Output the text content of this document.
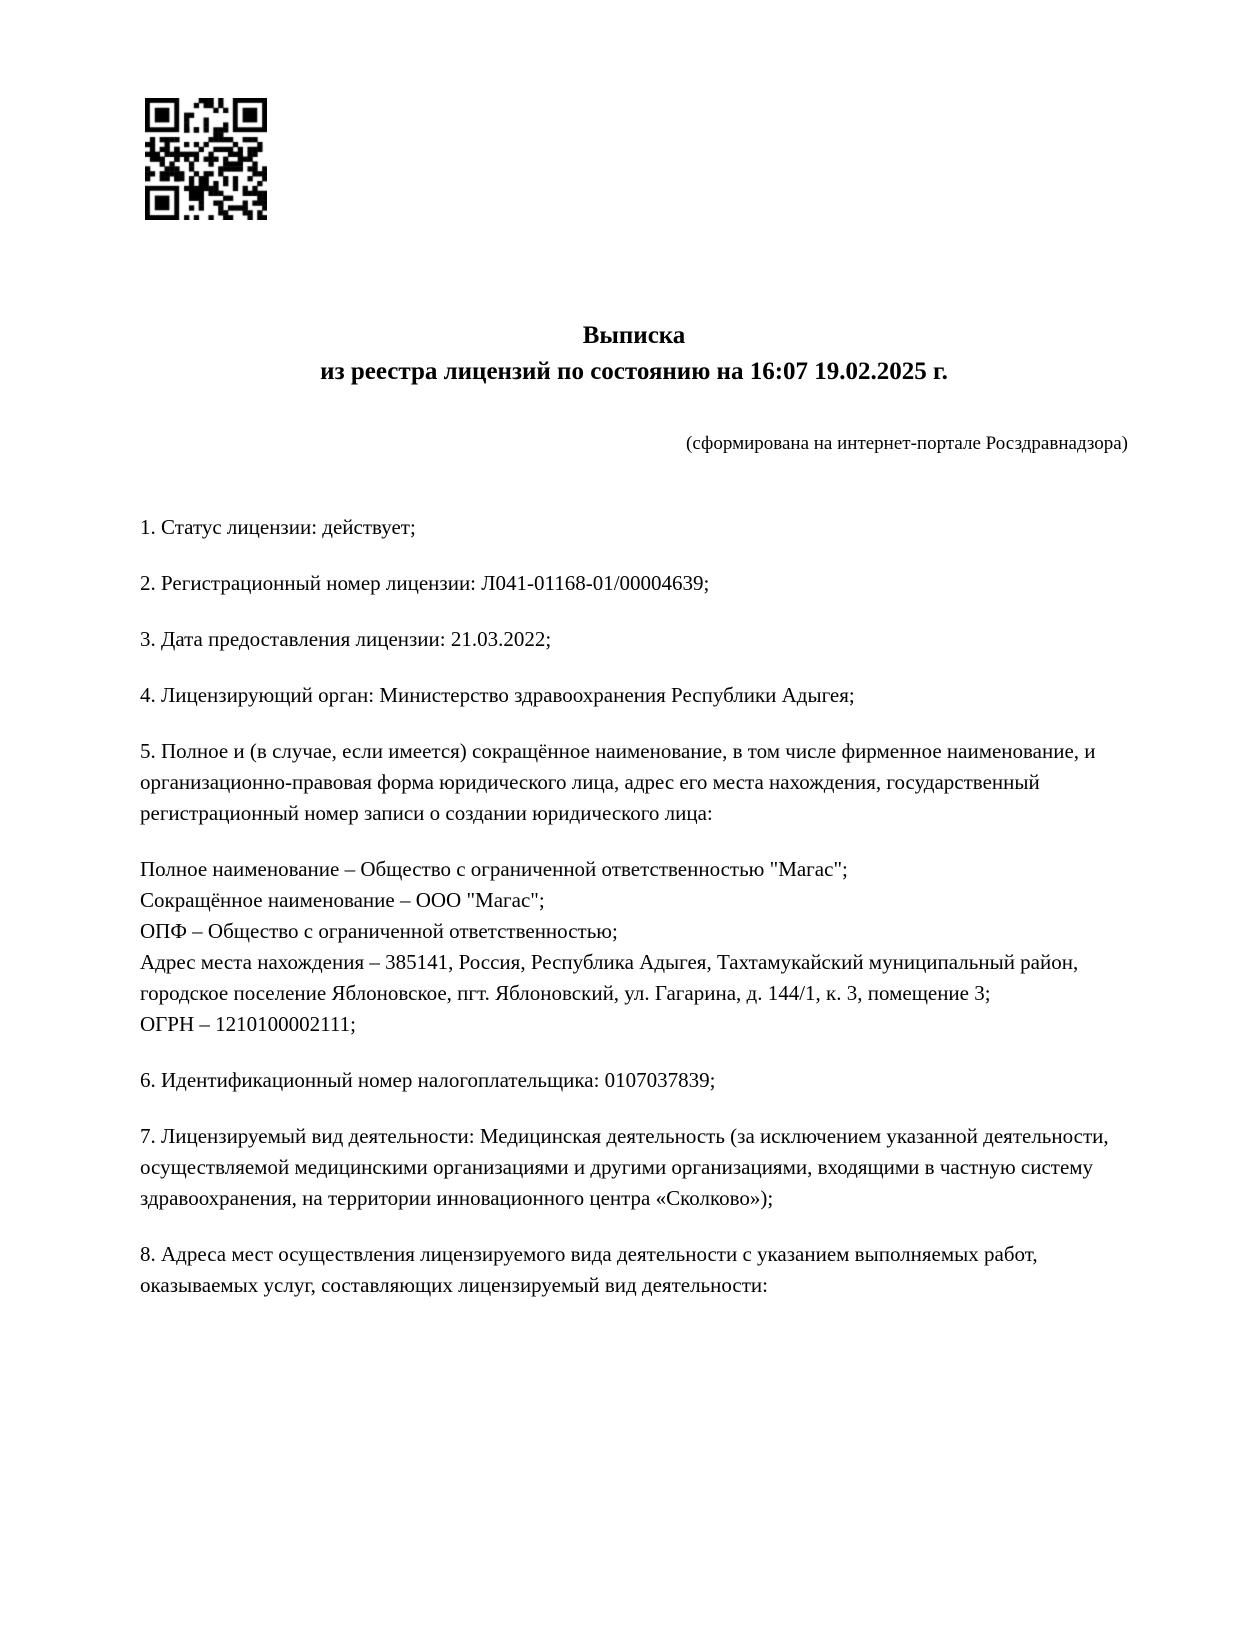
Выписка
из реестра лицензий по состоянию на 16:07 19.02.2025 г.
(сформирована на интернет-портале Росздравнадзора)

1. Статус лицензии: действует;

2. Регистрационный номер лицензии: Л041-01168-01/00004639;

3. Дата предоставления лицензии: 21.03.2022;

4. Лицензирующий орган: Министерство здравоохранения Республики Адыгея;

5. Полное и (в случае, если имеется) сокращённое наименование, в том числе фирменное наименование, и организационно-правовая форма юридического лица, адрес его места нахождения, государственный регистрационный номер записи о создании юридического лица:

Полное наименование – Общество с ограниченной ответственностью "Магас";
Сокращённое наименование – ООО "Магас";
ОПФ – Общество с ограниченной ответственностью;
Адрес места нахождения – 385141, Россия, Республика Адыгея, Тахтамукайский муниципальный район, городское поселение Яблоновское, пгт. Яблоновский, ул. Гагарина, д. 144/1, к. 3, помещение 3;
ОГРН – 1210100002111;

6. Идентификационный номер налогоплательщика: 0107037839;

7. Лицензируемый вид деятельности: Медицинская деятельность (за исключением указанной деятельности, осуществляемой медицинскими организациями и другими организациями, входящими в частную систему здравоохранения, на территории инновационного центра «Сколково»);

8. Адреса мест осуществления лицензируемого вида деятельности с указанием выполняемых работ, оказываемых услуг, составляющих лицензируемый вид деятельности:
